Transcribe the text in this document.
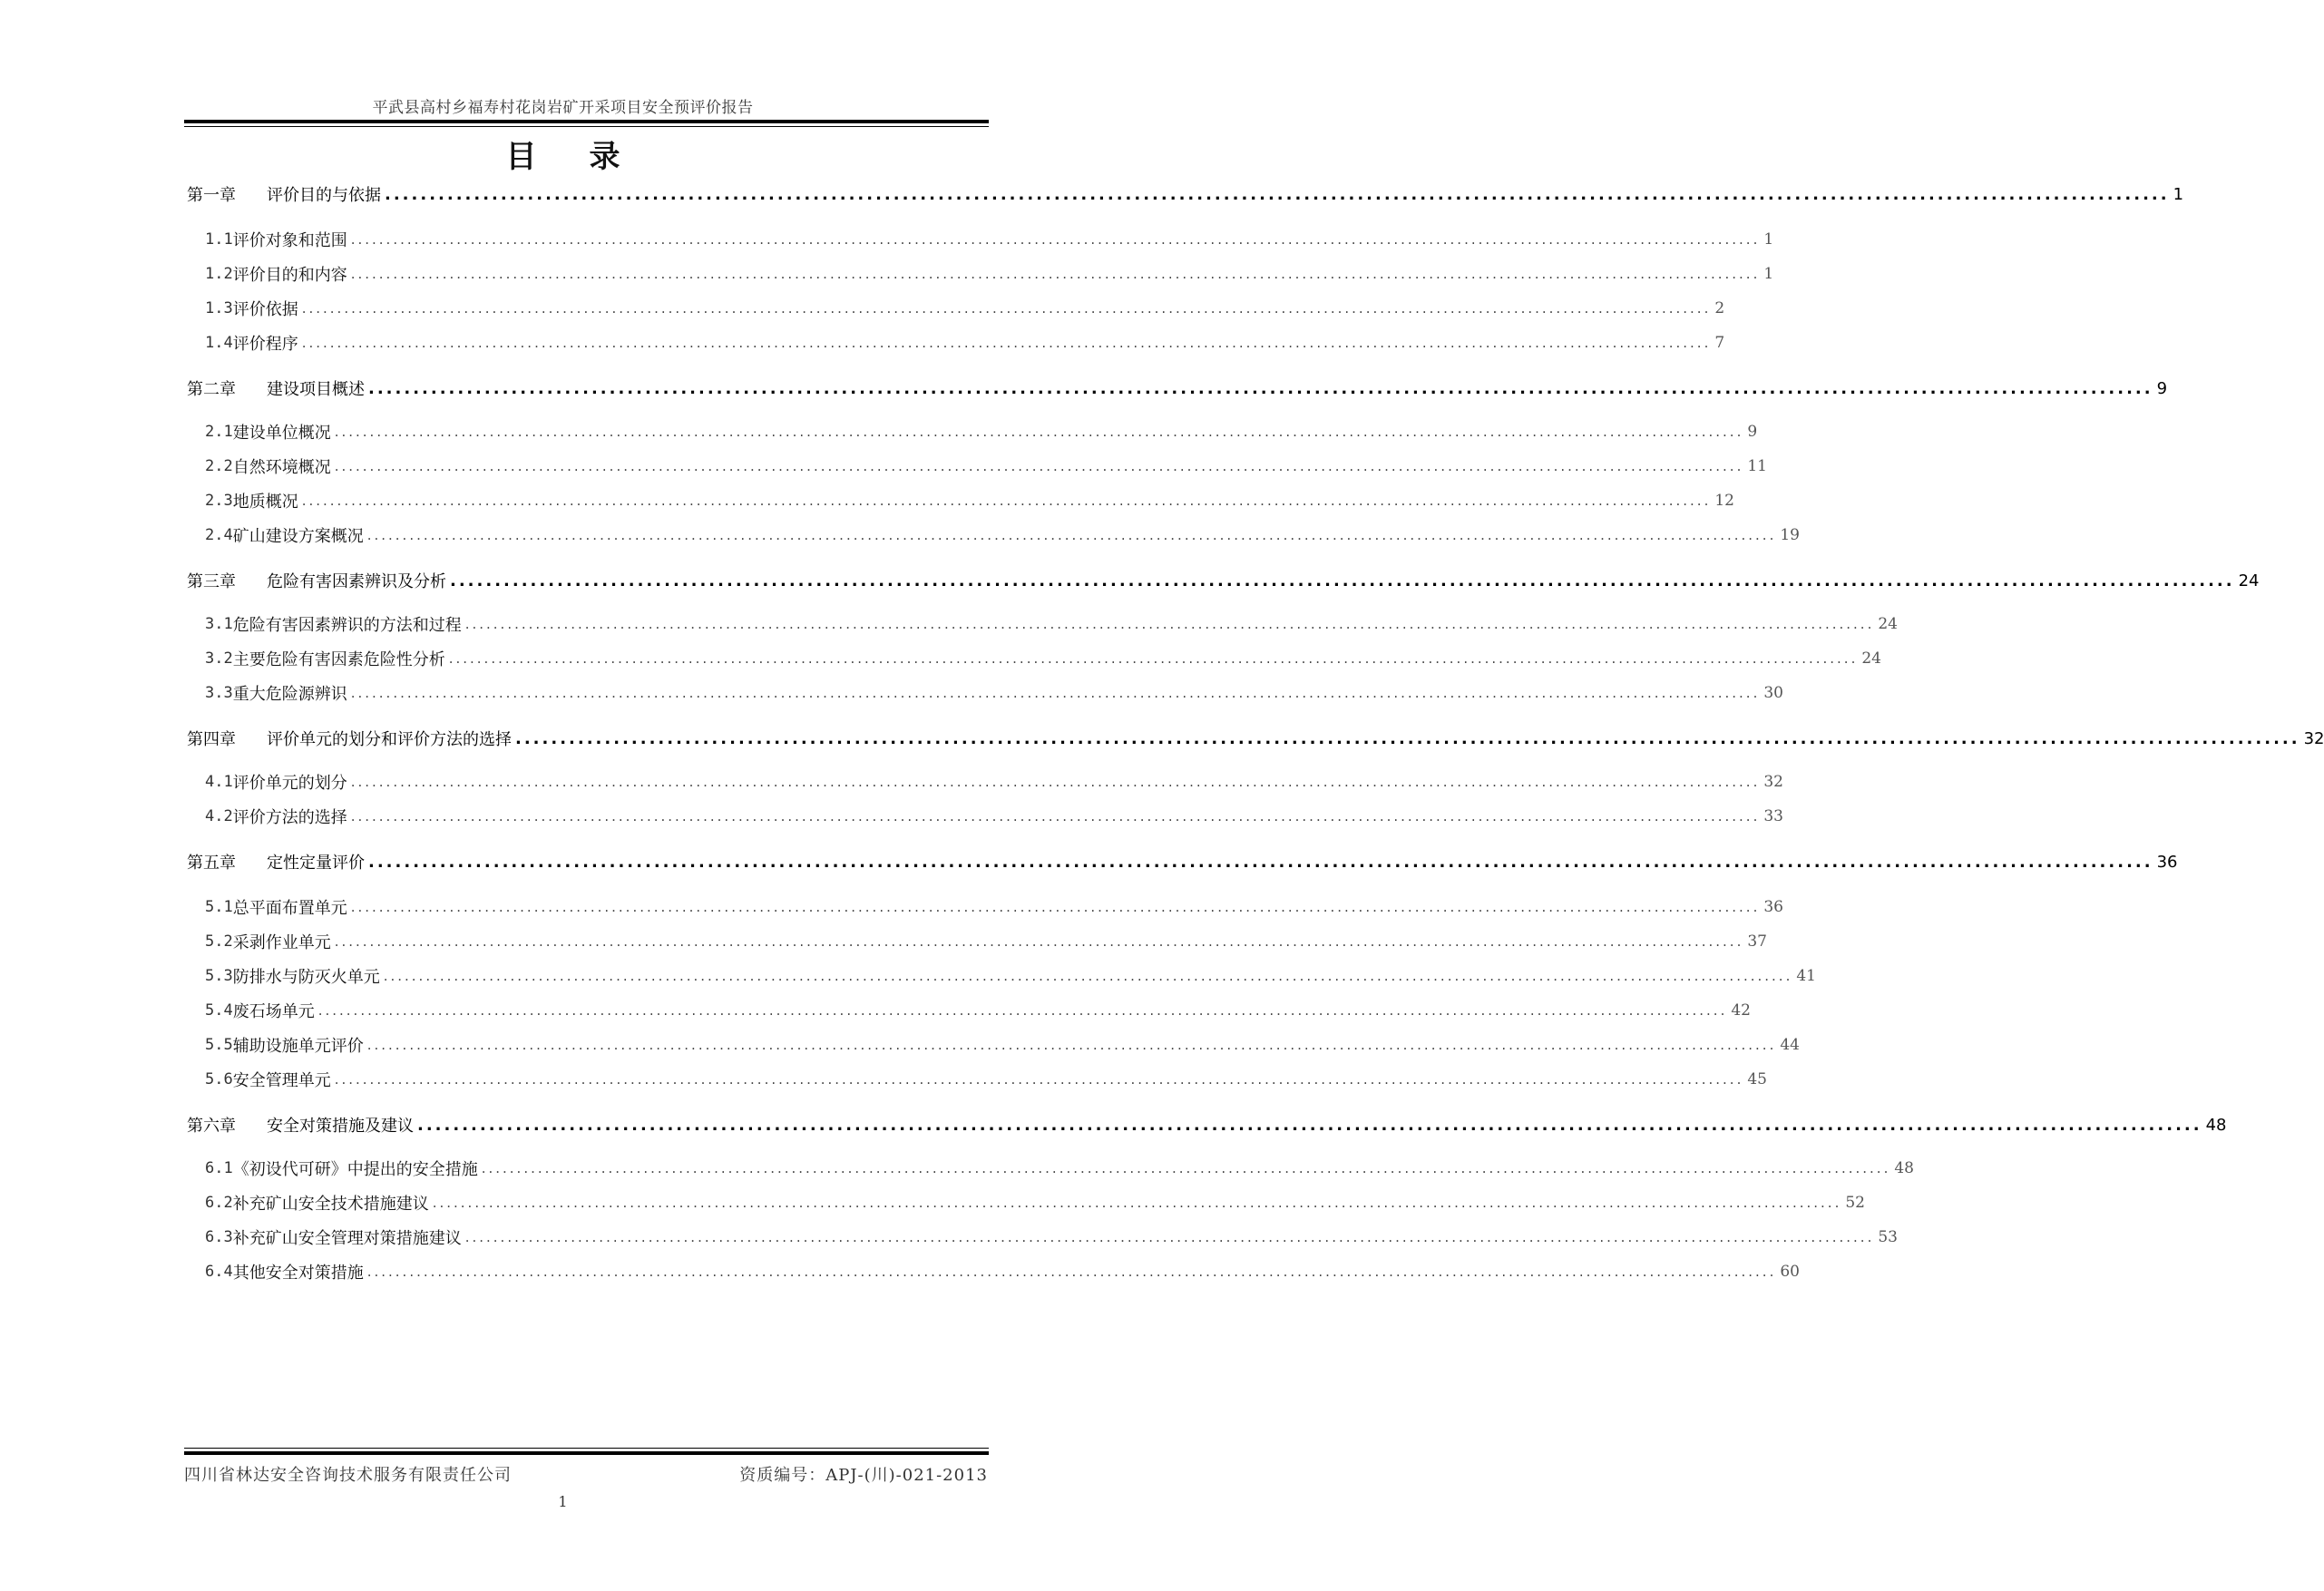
平武县高村乡福寿村花岗岩矿开采项目安全预评价报告
目 录
第一章	评价目的与依据 ........................................................................................................................................................................................................ 1
1.1 评价对象和范围 ........................................................................................................................................................................................................ 1
1.2 评价目的和内容 ........................................................................................................................................................................................................ 1
1.3 评价依据 ........................................................................................................................................................................................................ 2
1.4 评价程序 ........................................................................................................................................................................................................ 7
第二章	建设项目概述 ........................................................................................................................................................................................................ 9
2.1 建设单位概况 ........................................................................................................................................................................................................ 9
2.2 自然环境概况 ........................................................................................................................................................................................................ 11
2.3 地质概况 ........................................................................................................................................................................................................ 12
2.4 矿山建设方案概况 ........................................................................................................................................................................................................ 19
第三章	危险有害因素辨识及分析 ........................................................................................................................................................................................................ 24
3.1 危险有害因素辨识的方法和过程 ........................................................................................................................................................................................................ 24
3.2 主要危险有害因素危险性分析 ........................................................................................................................................................................................................ 24
3.3 重大危险源辨识 ........................................................................................................................................................................................................ 30
第四章	评价单元的划分和评价方法的选择 ........................................................................................................................................................................................................ 32
4.1 评价单元的划分 ........................................................................................................................................................................................................ 32
4.2 评价方法的选择 ........................................................................................................................................................................................................ 33
第五章	定性定量评价 ........................................................................................................................................................................................................ 36
5.1 总平面布置单元 ........................................................................................................................................................................................................ 36
5.2 采剥作业单元 ........................................................................................................................................................................................................ 37
5.3 防排水与防灭火单元 ........................................................................................................................................................................................................ 41
5.4 废石场单元 ........................................................................................................................................................................................................ 42
5.5 辅助设施单元评价 ........................................................................................................................................................................................................ 44
5.6 安全管理单元 ........................................................................................................................................................................................................ 45
第六章	安全对策措施及建议 ........................................................................................................................................................................................................ 48
6.1 《初设代可研》中提出的安全措施 ........................................................................................................................................................................................................ 48
6.2 补充矿山安全技术措施建议 ........................................................................................................................................................................................................ 52
6.3 补充矿山安全管理对策措施建议 ........................................................................................................................................................................................................ 53
6.4 其他安全对策措施 ........................................................................................................................................................................................................ 60
四川省林达安全咨询技术服务有限责任公司	资质编号：APJ-(川)-021-2013
1
